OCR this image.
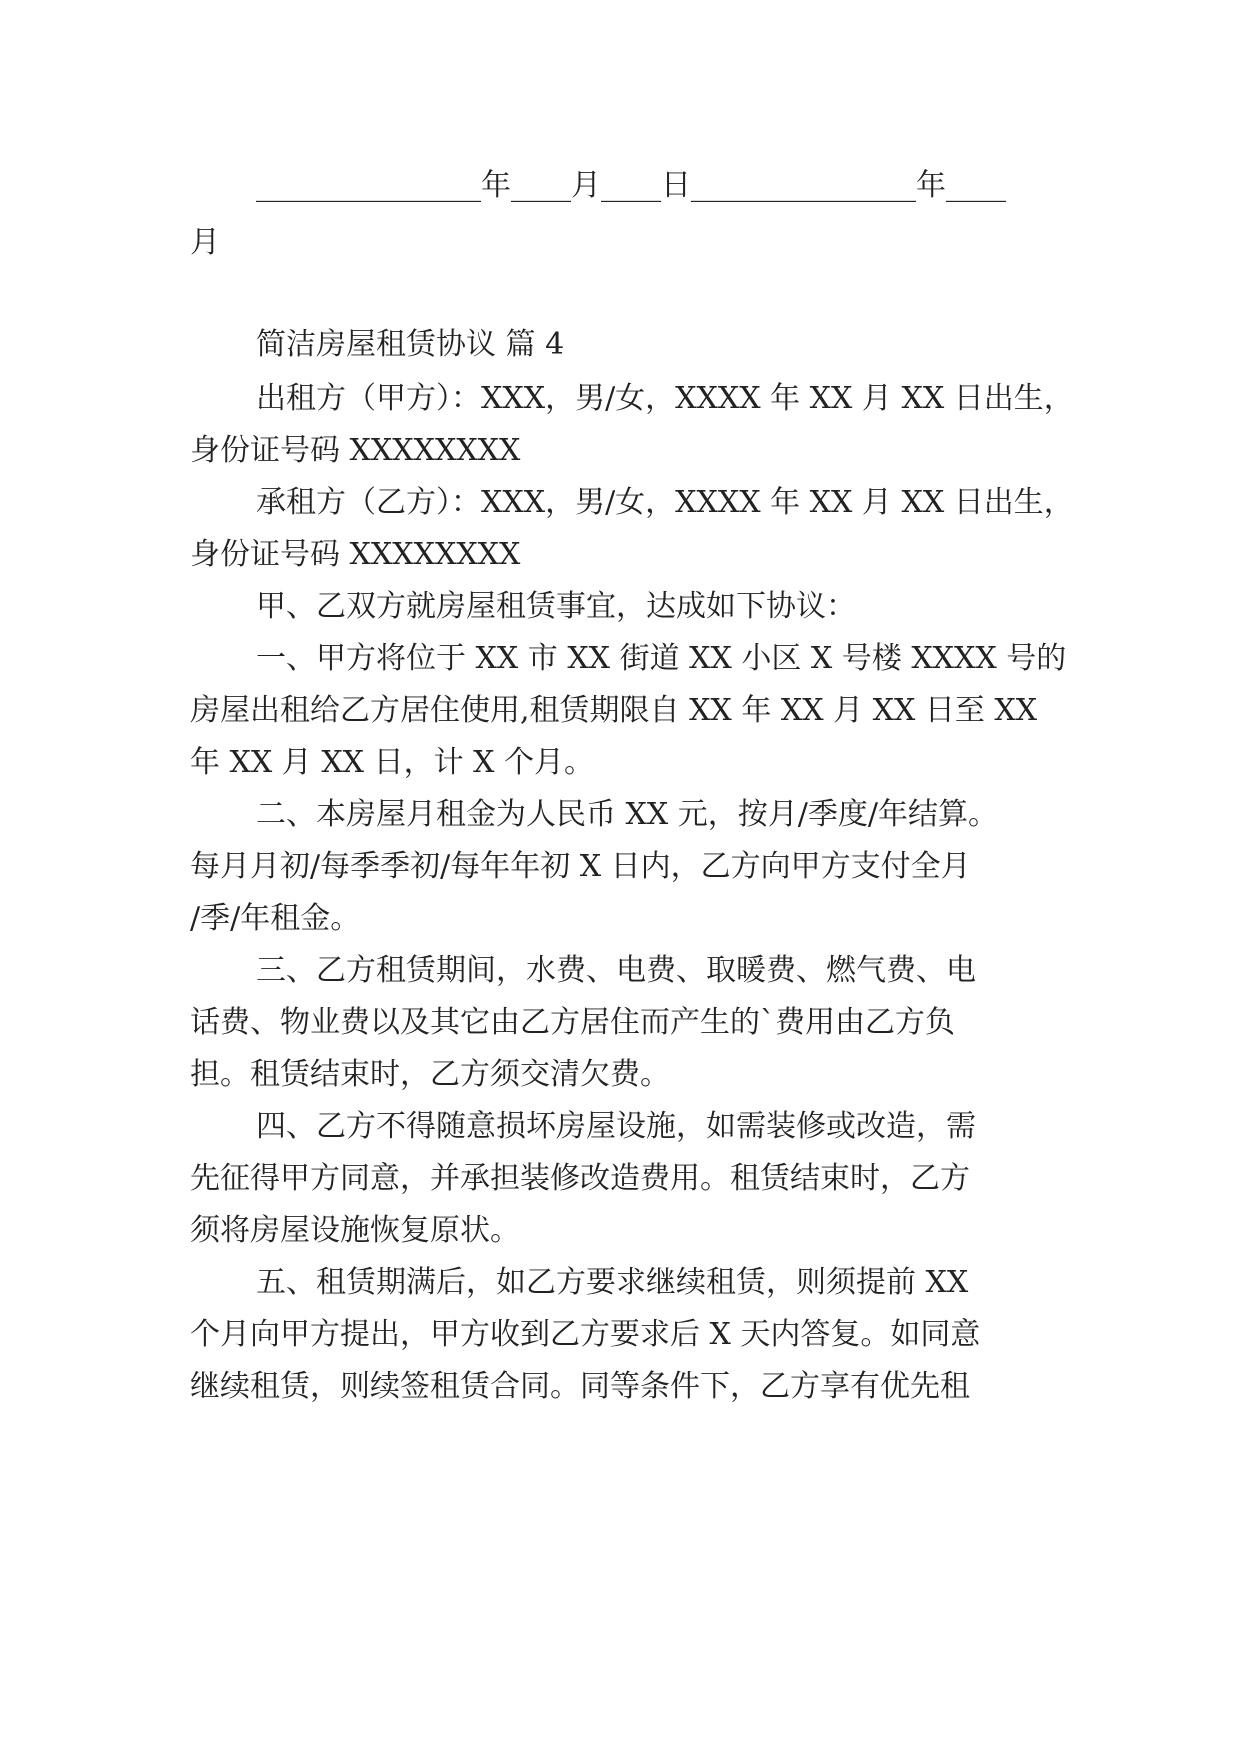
_______________年____月____日_______________年____
月
简洁房屋租赁协议 篇 4
出租方（甲方）：XXX，男/女，XXXX 年 XX 月 XX 日出生，
身份证号码 XXXXXXXX
承租方（乙方）：XXX，男/女，XXXX 年 XX 月 XX 日出生，
身份证号码 XXXXXXXX
甲、乙双方就房屋租赁事宜，达成如下协议：
一、甲方将位于 XX 市 XX 街道 XX 小区 X 号楼 XXXX 号的
房屋出租给乙方居住使用,租赁期限自 XX 年 XX 月 XX 日至 XX
年 XX 月 XX 日，计 X 个月。
二、本房屋月租金为人民币 XX 元，按月/季度/年结算。
每月月初/每季季初/每年年初 X 日内，乙方向甲方支付全月
/季/年租金。
三、乙方租赁期间，水费、电费、取暖费、燃气费、电
话费、物业费以及其它由乙方居住而产生的`费用由乙方负
担。租赁结束时，乙方须交清欠费。
四、乙方不得随意损坏房屋设施，如需装修或改造，需
先征得甲方同意，并承担装修改造费用。租赁结束时，乙方
须将房屋设施恢复原状。
五、租赁期满后，如乙方要求继续租赁，则须提前 XX
个月向甲方提出，甲方收到乙方要求后 X 天内答复。如同意
继续租赁，则续签租赁合同。同等条件下，乙方享有优先租
